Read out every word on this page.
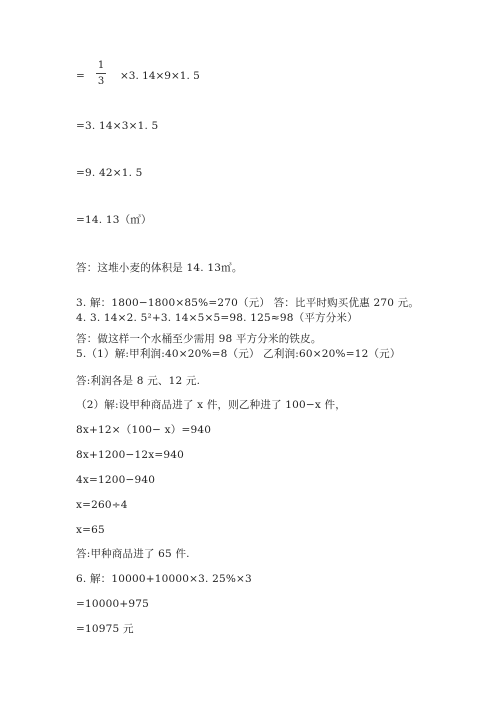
=
1
3 ×3. 14×9×1. 5
=3. 14×3×1. 5
=9. 42×1. 5
=14. 13（㎥）
答：这堆小麦的体积是 14. 13㎥。
3. 解：1800−1800×85%=270（元） 答：比平时购买优惠 270 元。
4. 3. 14×2. 5²+3. 14×5×5=98. 125≈98（平方分米）
答：做这样一个水桶至少需用 98 平方分米的铁皮。
5.（1）解:甲利润:40×20%=8（元） 乙利润:60×20%=12（元）
答:利润各是 8 元、12 元.
（2）解:设甲种商品进了 x 件，则乙种进了 100−x 件，
8x+12×（100− x）=940
8x+1200−12x=940
4x=1200−940
x=260÷4
x=65
答:甲种商品进了 65 件.
6. 解：10000+10000×3. 25%×3
=10000+975
=10975 元
